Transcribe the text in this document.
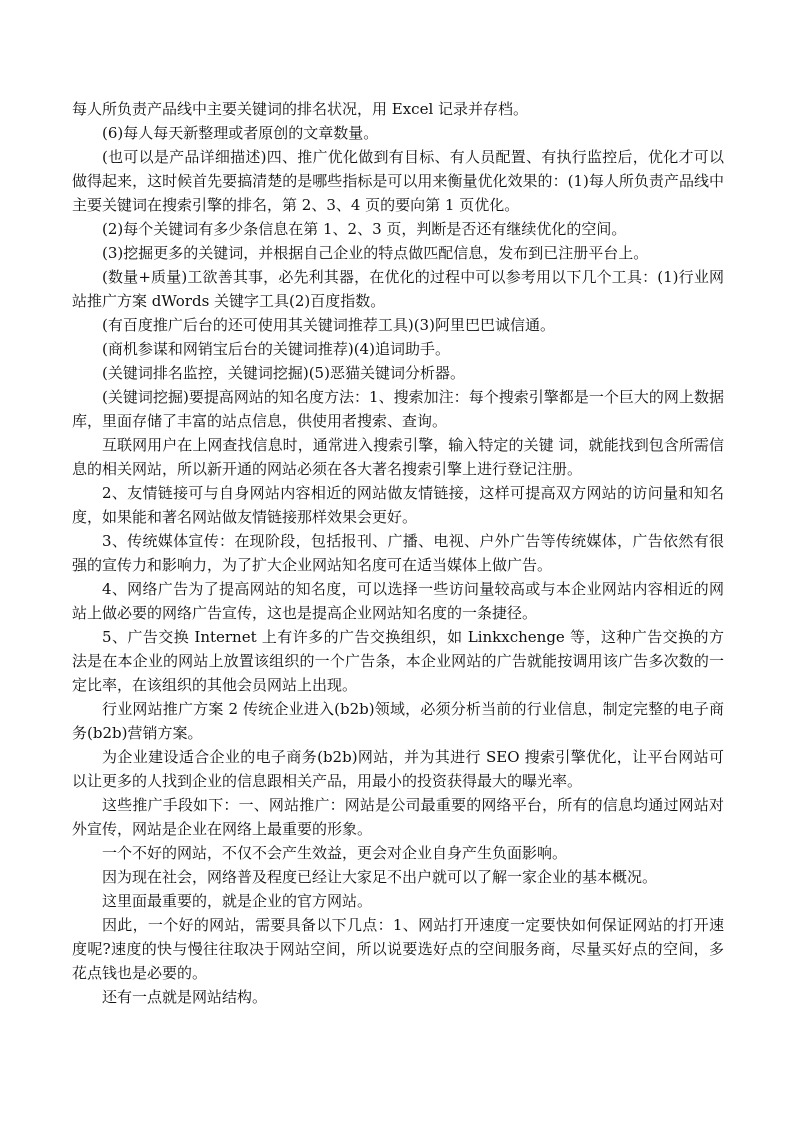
每人所负责产品线中主要关键词的排名状况，用 Excel 记录并存档。

(6)每人每天新整理或者原创的文章数量。

(也可以是产品详细描述)四、推广优化做到有目标、有人员配置、有执行监控后，优化才可以做得起来，这时候首先要搞清楚的是哪些指标是可以用来衡量优化效果的：(1)每人所负责产品线中主要关键词在搜索引擎的排名，第 2、3、4 页的要向第 1 页优化。

(2)每个关键词有多少条信息在第 1、2、3 页，判断是否还有继续优化的空间。

(3)挖掘更多的关键词，并根据自己企业的特点做匹配信息，发布到已注册平台上。

(数量+质量)工欲善其事，必先利其器，在优化的过程中可以参考用以下几个工具：(1)行业网站推广方案 dWords 关键字工具(2)百度指数。

(有百度推广后台的还可使用其关键词推荐工具)(3)阿里巴巴诚信通。

(商机参谋和网销宝后台的关键词推荐)(4)追词助手。

(关键词排名监控，关键词挖掘)(5)恶猫关键词分析器。

(关键词挖掘)要提高网站的知名度方法：1、搜索加注：每个搜索引擎都是一个巨大的网上数据库，里面存储了丰富的站点信息，供使用者搜索、查询。

互联网用户在上网查找信息时，通常进入搜索引擎，输入特定的关键 词，就能找到包含所需信息的相关网站，所以新开通的网站必须在各大著名搜索引擎上进行登记注册。

2、友情链接可与自身网站内容相近的网站做友情链接，这样可提高双方网站的访问量和知名度，如果能和著名网站做友情链接那样效果会更好。

3、传统媒体宣传：在现阶段，包括报刊、广播、电视、户外广告等传统媒体，广告依然有很强的宣传力和影响力，为了扩大企业网站知名度可在适当媒体上做广告。

4、网络广告为了提高网站的知名度，可以选择一些访问量较高或与本企业网站内容相近的网站上做必要的网络广告宣传，这也是提高企业网站知名度的一条捷径。

5、广告交换 Internet 上有许多的广告交换组织，如 Linkxchenge 等，这种广告交换的方法是在本企业的网站上放置该组织的一个广告条，本企业网站的广告就能按调用该广告多次数的一定比率，在该组织的其他会员网站上出现。

行业网站推广方案 2 传统企业进入(b2b)领域，必须分析当前的行业信息，制定完整的电子商务(b2b)营销方案。

为企业建设适合企业的电子商务(b2b)网站，并为其进行 SEO 搜索引擎优化，让平台网站可以让更多的人找到企业的信息跟相关产品，用最小的投资获得最大的曝光率。

这些推广手段如下：一、网站推广：网站是公司最重要的网络平台，所有的信息均通过网站对外宣传，网站是企业在网络上最重要的形象。

一个不好的网站，不仅不会产生效益，更会对企业自身产生负面影响。

因为现在社会，网络普及程度已经让大家足不出户就可以了解一家企业的基本概况。

这里面最重要的，就是企业的官方网站。

因此，一个好的网站，需要具备以下几点：1、网站打开速度一定要快如何保证网站的打开速度呢?速度的快与慢往往取决于网站空间，所以说要选好点的空间服务商，尽量买好点的空间，多花点钱也是必要的。

还有一点就是网站结构。
